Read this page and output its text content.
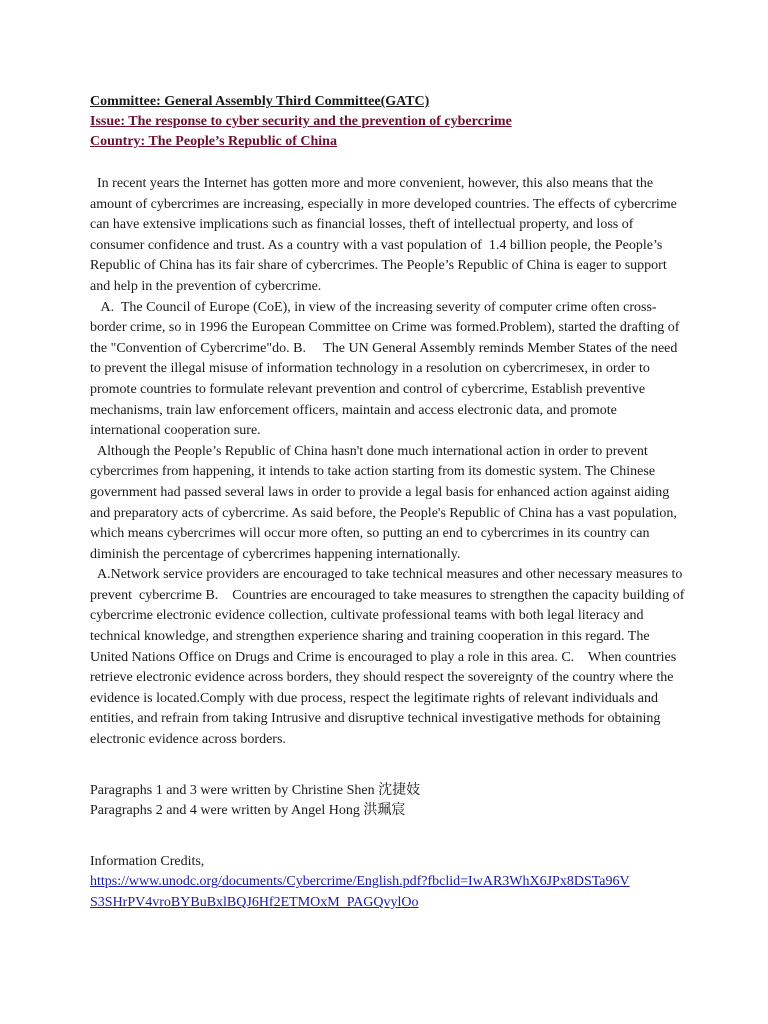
Committee: General Assembly Third Committee(GATC)

Issue: The response to cyber security and the prevention of cybercrime

Country: The People’s Republic of China

In recent years the Internet has gotten more and more convenient, however, this also means that the amount of cybercrimes are increasing, especially in more developed countries. The effects of cybercrime can have extensive implications such as financial losses, theft of intellectual property, and loss of consumer confidence and trust. As a country with a vast population of  1.4 billion people, the People’s Republic of China has its fair share of cybercrimes. The People’s Republic of China is eager to support and help in the prevention of cybercrime.

A.  The Council of Europe (CoE), in view of the increasing severity of computer crime often cross-border crime, so in 1996 the European Committee on Crime was formed.Problem), started the drafting of the "Convention of Cybercrime"do. B.     The UN General Assembly reminds Member States of the need to prevent the illegal misuse of information technology in a resolution on cybercrimesex, in order to promote countries to formulate relevant prevention and control of cybercrime, Establish preventive mechanisms, train law enforcement officers, maintain and access electronic data, and promote international cooperation sure.

Although the People’s Republic of China hasn't done much international action in order to prevent cybercrimes from happening, it intends to take action starting from its domestic system. The Chinese government had passed several laws in order to provide a legal basis for enhanced action against aiding and preparatory acts of cybercrime. As said before, the People's Republic of China has a vast population, which means cybercrimes will occur more often, so putting an end to cybercrimes in its country can diminish the percentage of cybercrimes happening internationally.

A.Network service providers are encouraged to take technical measures and other necessary measures to prevent  cybercrime B.    Countries are encouraged to take measures to strengthen the capacity building of cybercrime electronic evidence collection, cultivate professional teams with both legal literacy and technical knowledge, and strengthen experience sharing and training cooperation in this regard. The United Nations Office on Drugs and Crime is encouraged to play a role in this area. C.    When countries retrieve electronic evidence across borders, they should respect the sovereignty of the country where the evidence is located.Comply with due process, respect the legitimate rights of relevant individuals and entities, and refrain from taking Intrusive and disruptive technical investigative methods for obtaining electronic evidence across borders.

Paragraphs 1 and 3 were written by Christine Shen 沈捷妓

Paragraphs 2 and 4 were written by Angel Hong 洪珮宸

Information Credits,

https://www.unodc.org/documents/Cybercrime/English.pdf?fbclid=IwAR3WhX6JPx8DSTa96V
S3SHrPV4vroBYBuBxlBQJ6Hf2ETMOxM_PAGQvylOo
